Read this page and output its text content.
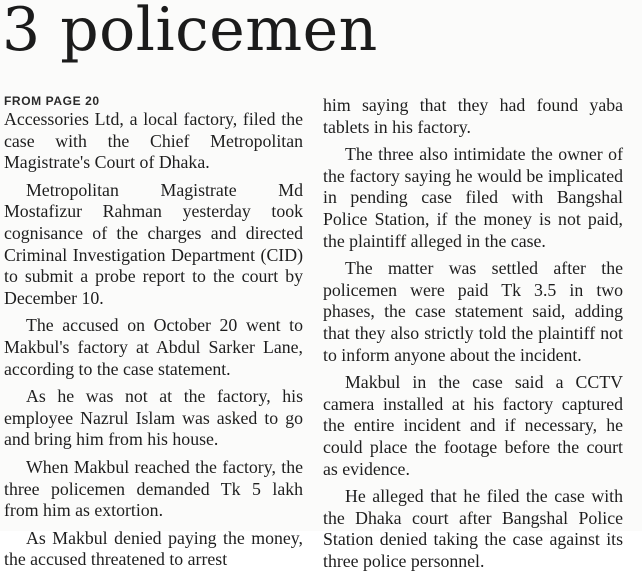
3 policemen
FROM PAGE 20

Accessories Ltd, a local factory, filed the case with the Chief Metropolitan Magistrate's Court of Dhaka.

Metropolitan Magistrate Md Mostafizur Rahman yesterday took cognisance of the charges and directed Criminal Investigation Department (CID) to submit a probe report to the court by December 10.

The accused on October 20 went to Makbul's factory at Abdul Sarker Lane, according to the case statement.

As he was not at the factory, his employee Nazrul Islam was asked to go and bring him from his house.

When Makbul reached the factory, the three policemen demanded Tk 5 lakh from him as extortion.

As Makbul denied paying the money, the accused threatened to arrest

him saying that they had found yaba tablets in his factory.

The three also intimidate the owner of the factory saying he would be implicated in pending case filed with Bangshal Police Station, if the money is not paid, the plaintiff alleged in the case.

The matter was settled after the policemen were paid Tk 3.5 in two phases, the case statement said, adding that they also strictly told the plaintiff not to inform anyone about the incident.

Makbul in the case said a CCTV camera installed at his factory captured the entire incident and if necessary, he could place the footage before the court as evidence.

He alleged that he filed the case with the Dhaka court after Bangshal Police Station denied taking the case against its three police personnel.
